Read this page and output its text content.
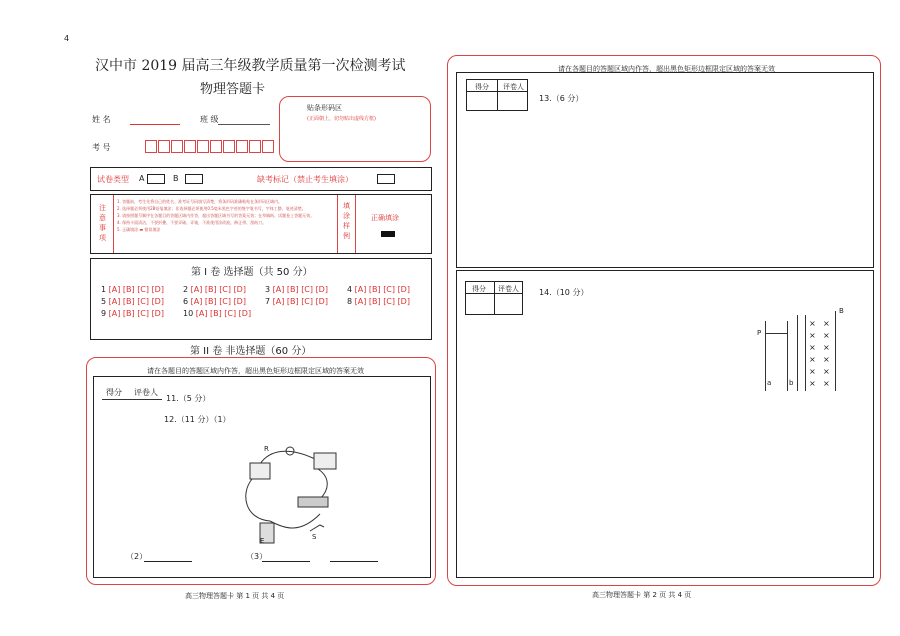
4
汉中市 2019 届高三年级教学质量第一次检测考试
物理答题卡
姓 名	班 级
考 号
贴条形码区
(正面朝上，切勿贴出虚线方框)
试卷类型 A	B	缺考标记（禁止考生填涂）
注意事项
1. 答题前，考生先将自己的姓名、准考证号码填写清楚，将条形码准确粘贴在条形码区域内。
2. 选择题必须使用2B铅笔填涂；非选择题必须使用0.5毫米黑色字迹的签字笔书写，字体工整、笔迹清楚。
3. 请按照题号顺序在各题目的答题区域内作答，超出答题区域书写的答案无效；在草稿纸、试题卷上答题无效。
4. 保持卡面清洁，不要折叠、不要弄破、弄皱，不准使用涂改液、修正带、刮纸刀。
5. 正确填涂 ▬ 错误填涂
填涂样例
正确填涂
第 I 卷 选择题（共 50 分）
1 [A] [B] [C] [D] 2 [A] [B] [C] [D] 3 [A] [B] [C] [D] 4 [A] [B] [C] [D]
5 [A] [B] [C] [D] 6 [A] [B] [C] [D] 7 [A] [B] [C] [D] 8 [A] [B] [C] [D]
9 [A] [B] [C] [D] 10 [A] [B] [C] [D]
第 II 卷 非选择题（60 分）
请在各题目的答题区域内作答，超出黑色矩形边框限定区域的答案无效
得分 评卷人
11.（5 分）
12.（11 分）（1）
E	S
R
（2）	（3）
高三物理答题卡 第 1 页 共 4 页
请在各题目的答题区域内作答，超出黑色矩形边框限定区域的答案无效
得分 评卷人
13.（6 分）
得分 评卷人	14.（10 分）
P
B
a	b
× ×
× ×
× ×
× ×
× ×
× ×
高三物理答题卡 第 2 页 共 4 页
